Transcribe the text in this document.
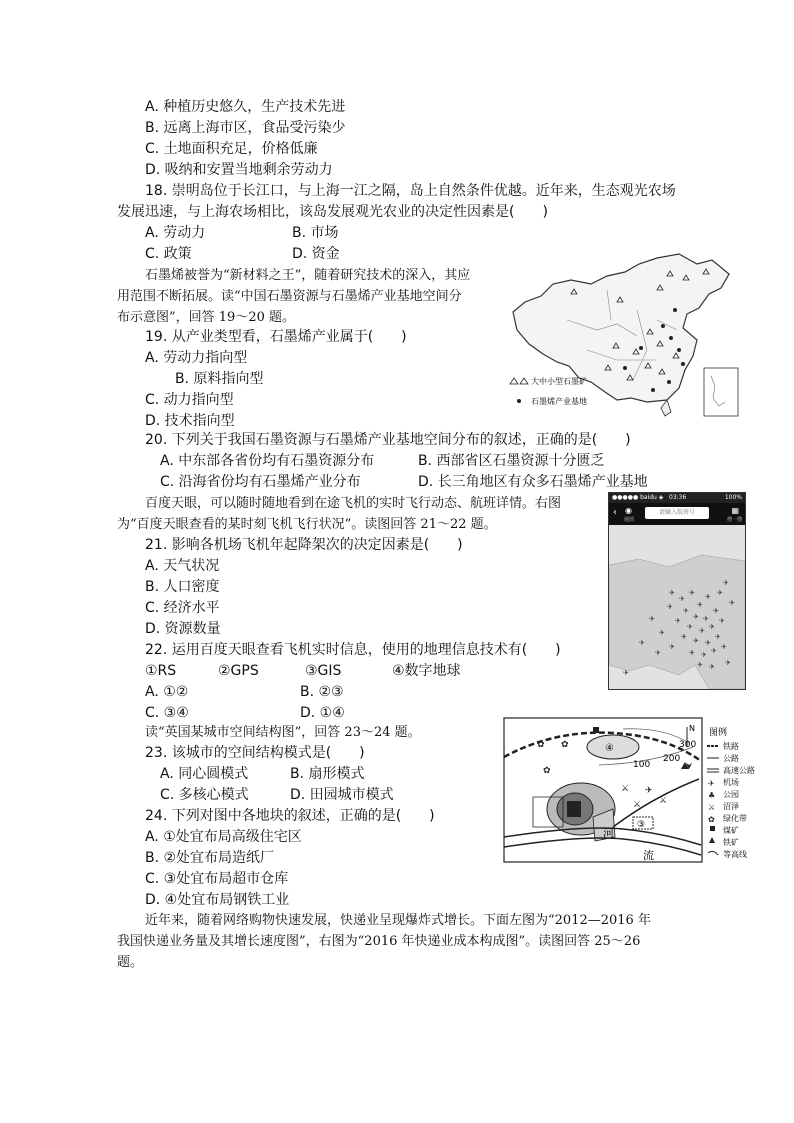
A. 种植历史悠久，生产技术先进
B. 远离上海市区，食品受污染少
C. 土地面积充足，价格低廉
D. 吸纳和安置当地剩余劳动力
18. 崇明岛位于长江口，与上海一江之隔，岛上自然条件优越。近年来，生态观光农场
发展迅速，与上海农场相比，该岛发展观光农业的决定性因素是(　　)
A. 劳动力	B. 市场
C. 政策	D. 资金
石墨烯被誉为“新材料之王”，随着研究技术的深入，其应
用范围不断拓展。读“中国石墨资源与石墨烯产业基地空间分
布示意图”，回答 19～20 题。
19. 从产业类型看，石墨烯产业属于(　　)
A. 劳动力指向型
B. 原料指向型
C. 动力指向型
D. 技术指向型
大中小型石墨矿
石墨烯产业基地
20. 下列关于我国石墨资源与石墨烯产业基地空间分布的叙述，正确的是(　　)
A. 中东部各省份均有石墨资源分布	B. 西部省区石墨资源十分匮乏
C. 沿海省份均有石墨烯产业分布	D. 长三角地区有众多石墨烯产业基地
百度天眼，可以随时随地看到在途飞机的实时飞行动态、航班详情。右图
为“百度天眼查看的某时刻飞机飞行状况”。读图回答 21～22 题。
21. 影响各机场飞机年起降架次的决定因素是(　　)
A. 天气状况
B. 人口密度
C. 经济水平
D. 资源数量
●●●●● baidu ◈ 03:36	100%
‹ ◉
地图
请输入航班号	▦
搜一搜
✈
✈
✈
✈
✈
✈
✈ ✈
✈
✈
✈ ✈ ✈
✈
✈ ✈ ✈
✈
✈ ✈ ✈ ✈
✈ ✈
✈
✈
✈
✈
✈
✈
✈
✈
✈
✈
✈
22. 运用百度天眼查看飞机实时信息，使用的地理信息技术有(　　)
①RS	②GPS	③GIS	④数字地球
A. ①②	B. ②③
C. ③④	D. ①④
读“英国某城市空间结构图”，回答 23～24 题。
23. 该城市的空间结构模式是(　　)
A. 同心圆模式	B. 扇形模式
C. 多核心模式	D. 田园城市模式
24. 下列对图中各地块的叙述，正确的是(　　)
A. ①处宜布局高级住宅区
B. ②处宜布局造纸厂
C. ③处宜布局超市仓库
D. ④处宜布局钢铁工业
④	300
200
100
N
③
河
流
✿ ✿
✿
✈
⚔ ⚔
⚔
图例
铁路
公路
高速公路
机场
公园
沼泽
绿化带
煤矿
铁矿
等高线
✈
♣
⚔
✿
近年来，随着网络购物快速发展，快递业呈现爆炸式增长。下面左图为“2012—2016 年
我国快递业务量及其增长速度图”，右图为“2016 年快递业成本构成图”。读图回答 25～26
题。
